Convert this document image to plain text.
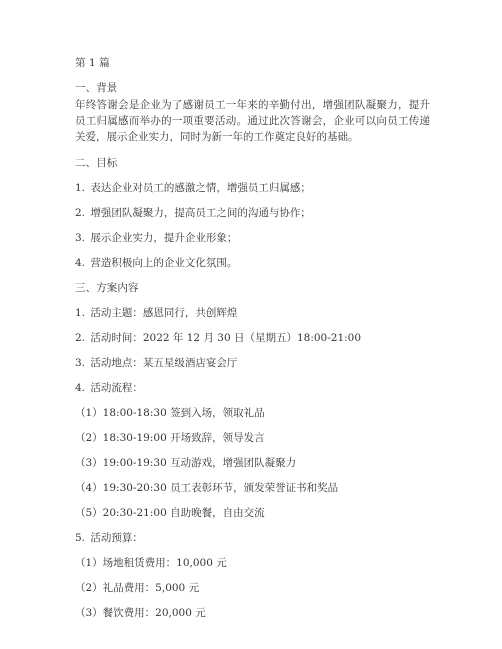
第 1 篇
一、背景
年终答谢会是企业为了感谢员工一年来的辛勤付出，增强团队凝聚力，提升员工归属感而举办的一项重要活动。通过此次答谢会，企业可以向员工传递关爱，展示企业实力，同时为新一年的工作奠定良好的基础。
二、目标
1. 表达企业对员工的感激之情，增强员工归属感；
2. 增强团队凝聚力，提高员工之间的沟通与协作；
3. 展示企业实力，提升企业形象；
4. 营造积极向上的企业文化氛围。
三、方案内容
1. 活动主题：感恩同行，共创辉煌
2. 活动时间：2022 年 12 月 30 日（星期五）18:00-21:00
3. 活动地点：某五星级酒店宴会厅
4. 活动流程：
（1）18:00-18:30 签到入场，领取礼品
（2）18:30-19:00 开场致辞，领导发言
（3）19:00-19:30 互动游戏，增强团队凝聚力
（4）19:30-20:30 员工表彰环节，颁发荣誉证书和奖品
（5）20:30-21:00 自助晚餐，自由交流
5. 活动预算：
（1）场地租赁费用：10,000 元
（2）礼品费用：5,000 元
（3）餐饮费用：20,000 元
